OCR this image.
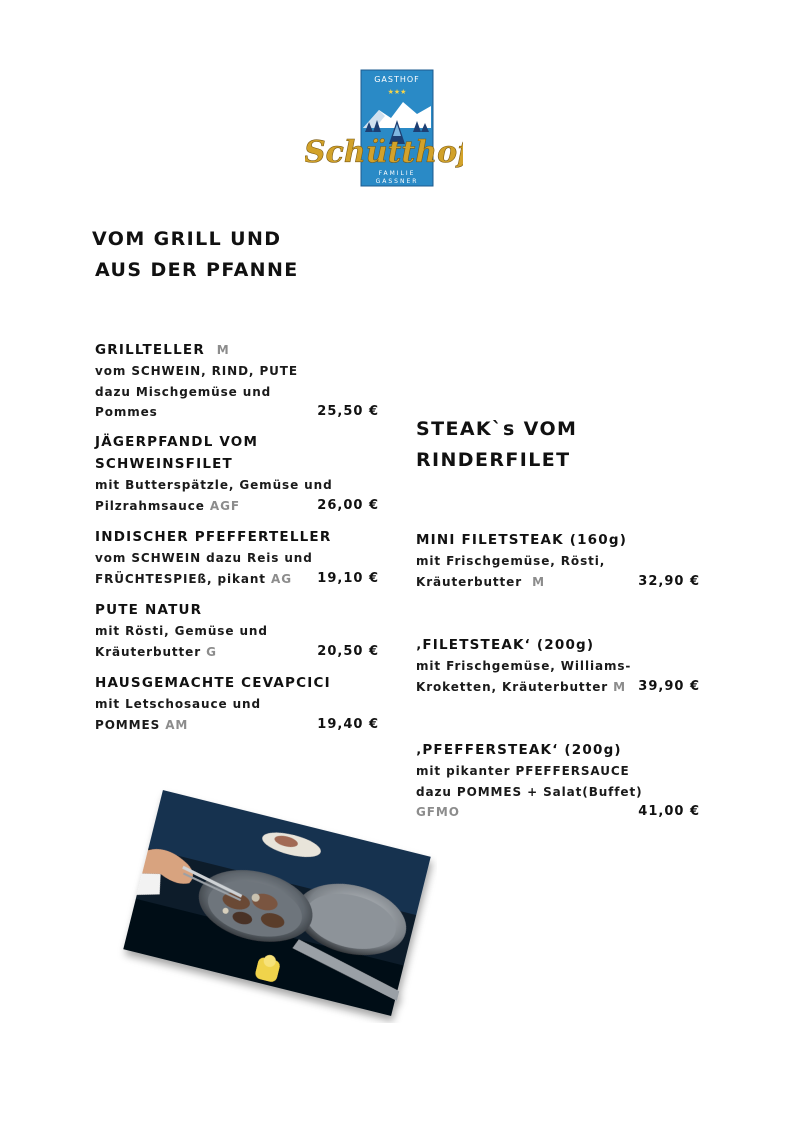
GASTHOF
★★★
Schütthof
FAMILIE
GASSNER
VOM GRILL UND
AUS DER PFANNE
GRILLTELLER M
vom SCHWEIN, RIND, PUTE
dazu Mischgemüse und
Pommes	25,50 €
JÄGERPFANDL VOM
SCHWEINSFILET
mit Butterspätzle, Gemüse und
Pilzrahmsauce AGF	26,00 €
INDISCHER PFEFFERTELLER
vom SCHWEIN dazu Reis und
FRÜCHTESPIEß, pikant AG	19,10 €
PUTE NATUR
mit Rösti, Gemüse und
Kräuterbutter G	20,50 €
HAUSGEMACHTE CEVAPCICI
mit Letschosauce und
POMMES AM	19,40 €
STEAK`s VOM
RINDERFILET
MINI FILETSTEAK (160g)
mit Frischgemüse, Rösti,
Kräuterbutter M	32,90 €
‚FILETSTEAK‘ (200g)
mit Frischgemüse, Williams-
Kroketten, Kräuterbutter M 39,90 €
‚PFEFFERSTEAK‘ (200g)
mit pikanter PFEFFERSAUCE
dazu POMMES + Salat(Buffet)
GFMO	41,00 €
